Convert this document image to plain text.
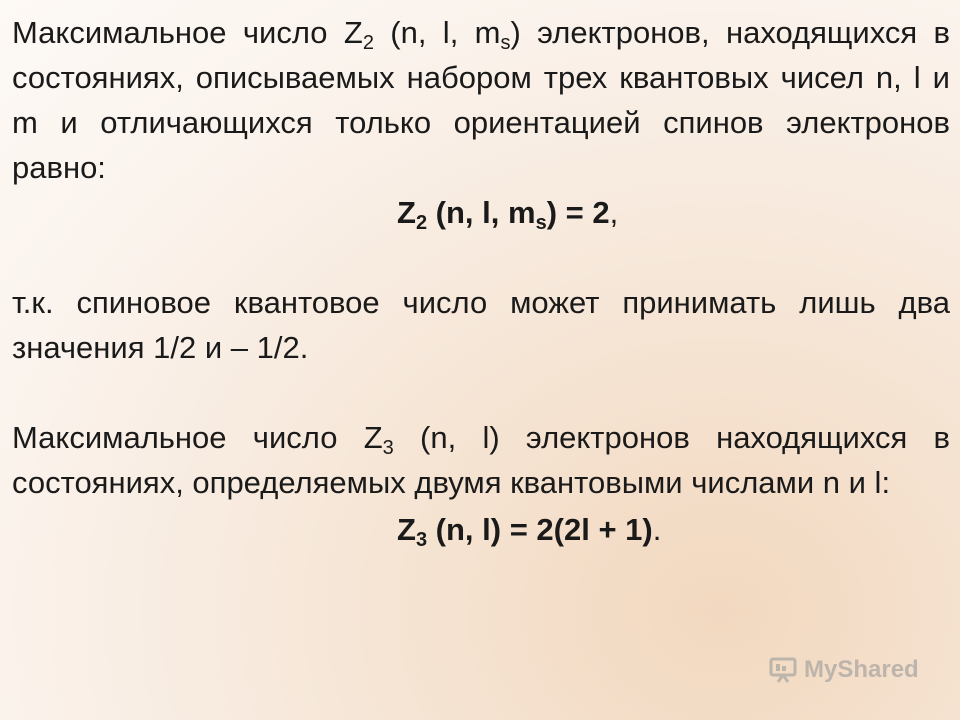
Максимальное число $Z_2$ (n, l, $m_s$) электронов, находящихся в состояниях, описываемых набором трех квантовых чисел n, l и m и отличающихся только ориентацией спинов электронов равно:

$Z_2$ (n, l, $m_s) = 2$,

т.к. спиновое квантовое число может принимать лишь два значения 1/2 и – 1/2.

Максимальное число $Z_3$ (n, l) электронов находящихся в состояниях, определяемых двумя квантовыми числами n и l:

$Z_3$ (n, l) = 2(2l + 1).

MyShared
